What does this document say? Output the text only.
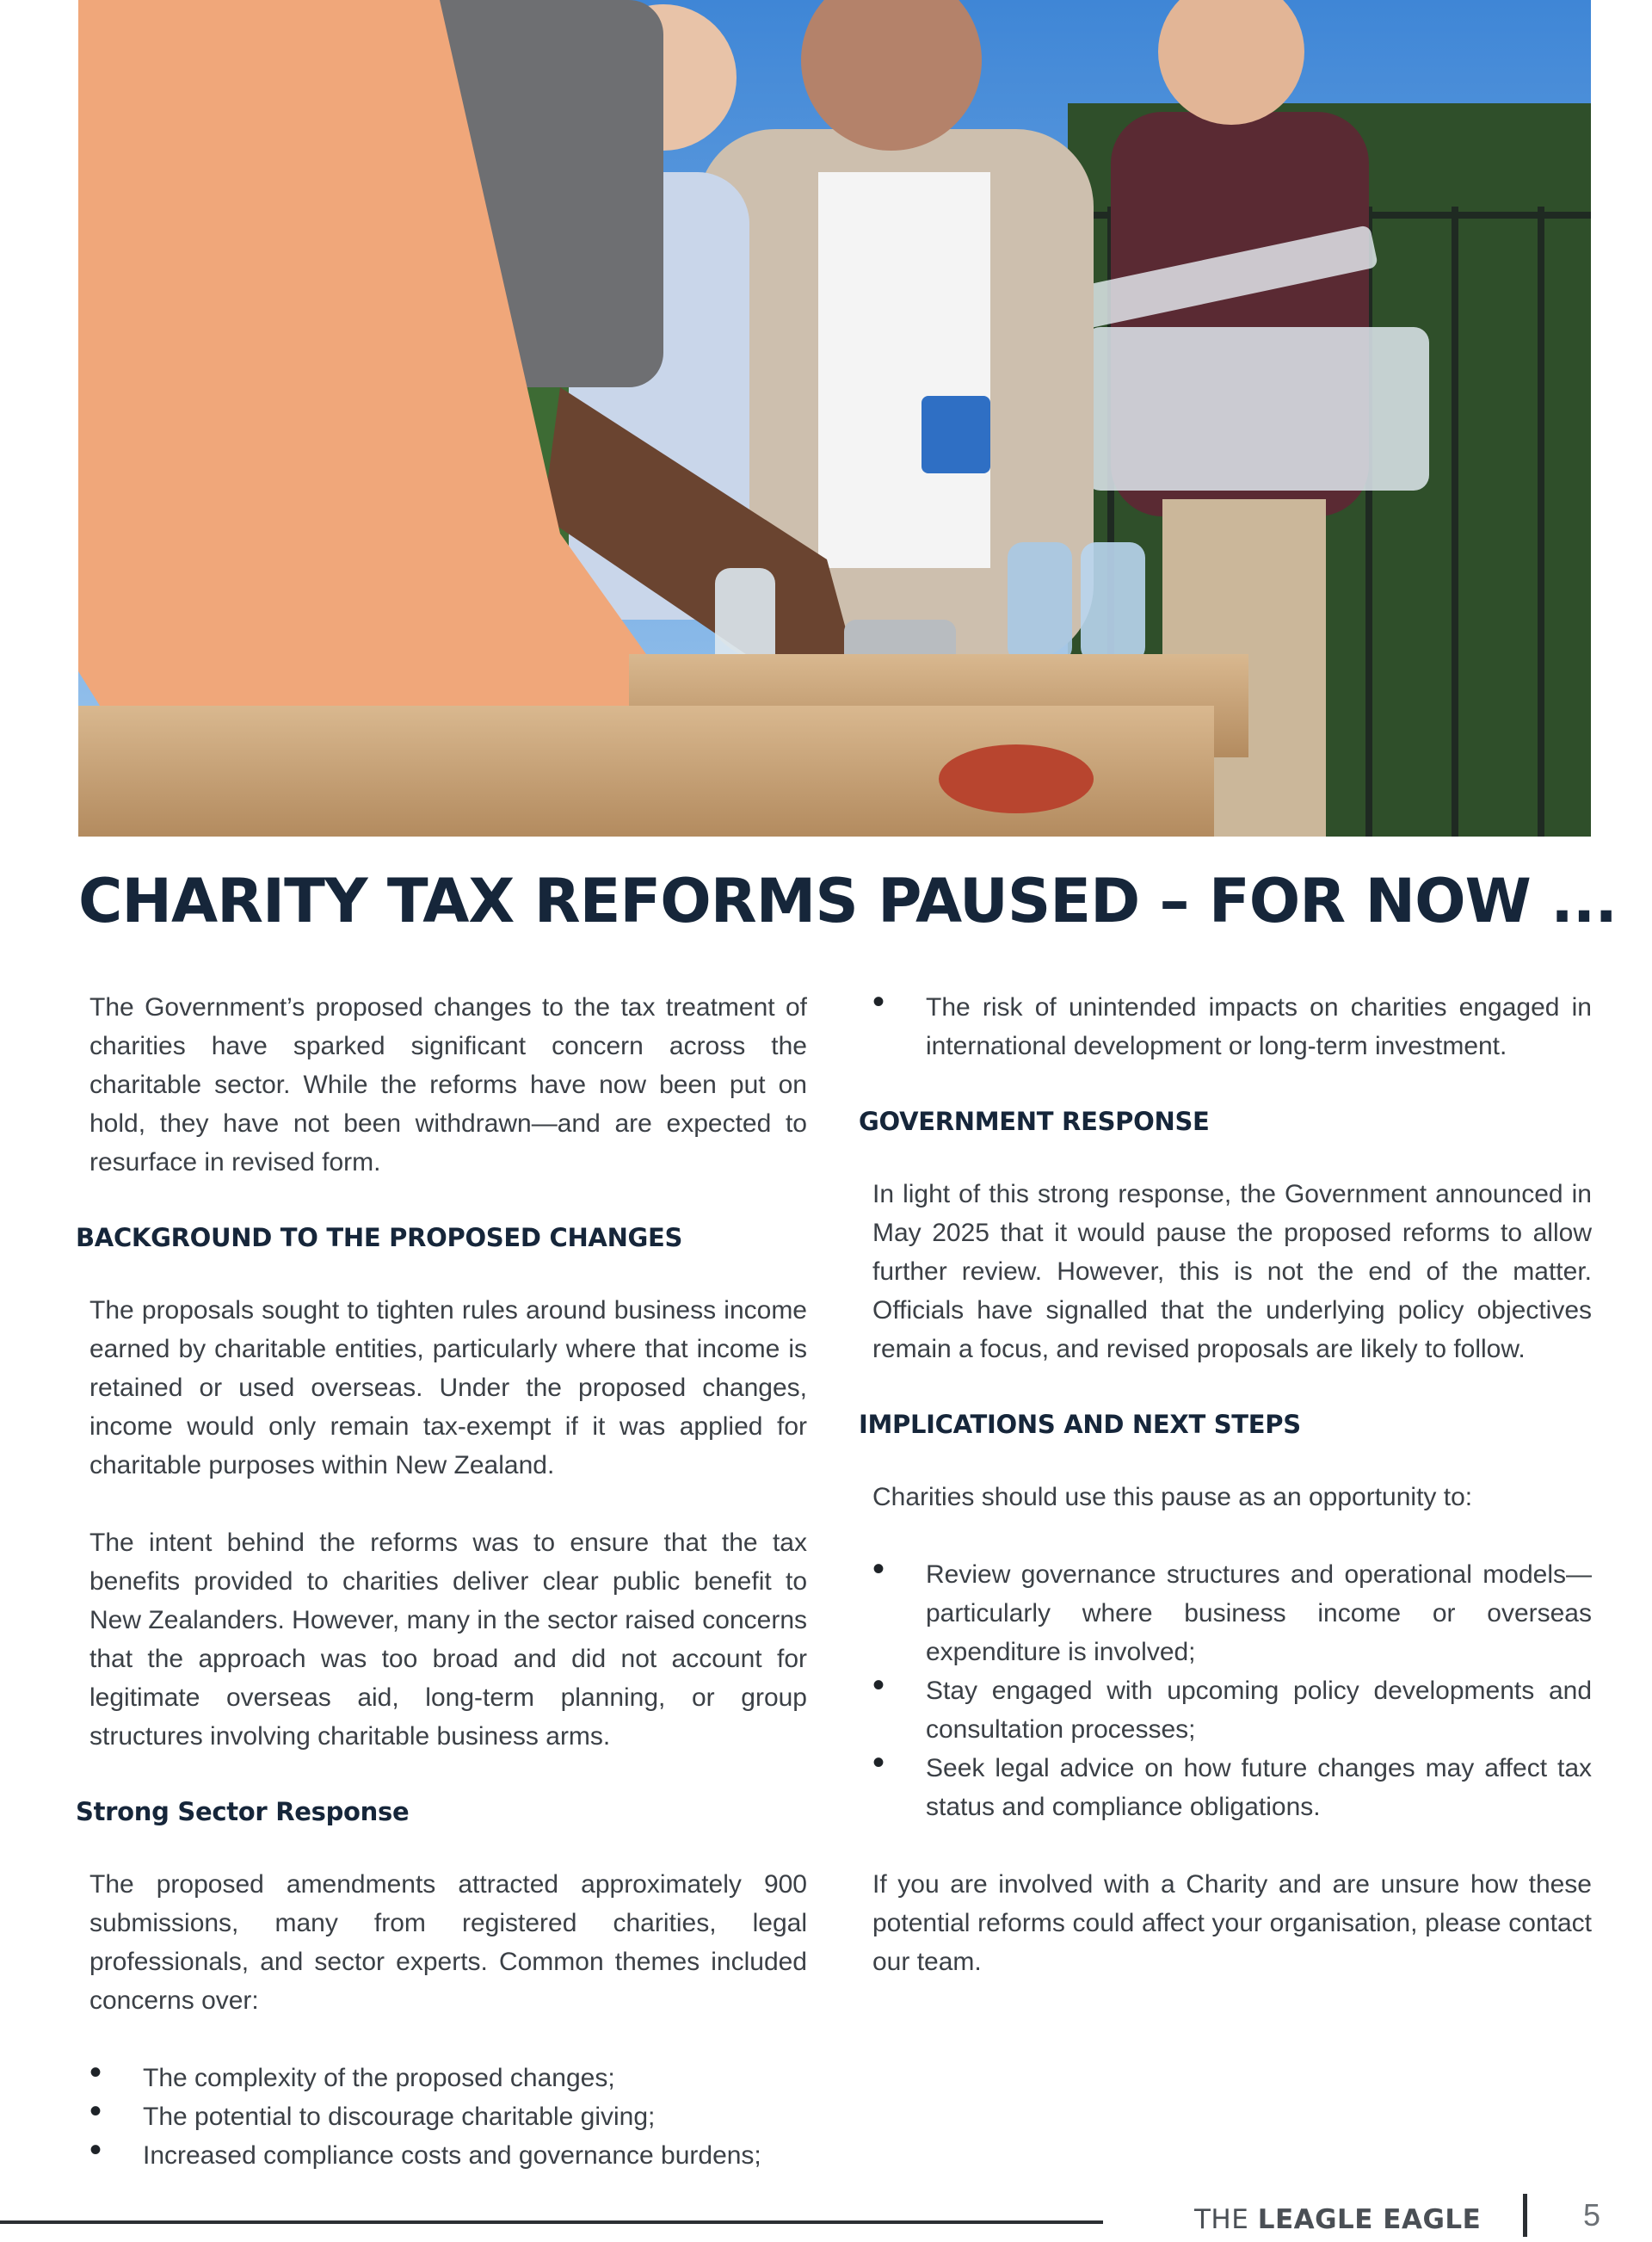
CHARITY TAX REFORMS PAUSED – FOR NOW ...

The Government’s proposed changes to the tax treatment of charities have sparked significant concern across the charitable sector. While the reforms have now been put on hold, they have not been withdrawn—and are expected to resurface in revised form.

BACKGROUND TO THE PROPOSED CHANGES

The proposals sought to tighten rules around business income earned by charitable entities, particularly where that income is retained or used overseas. Under the proposed changes, income would only remain tax-exempt if it was applied for charitable purposes within New Zealand.

The intent behind the reforms was to ensure that the tax benefits provided to charities deliver clear public benefit to New Zealanders. However, many in the sector raised concerns that the approach was too broad and did not account for legitimate overseas aid, long-term planning, or group structures involving charitable business arms.

Strong Sector Response

The proposed amendments attracted approximately 900 submissions, many from registered charities, legal professionals, and sector experts. Common themes included concerns over:

• The complexity of the proposed changes;
• The potential to discourage charitable giving;
• Increased compliance costs and governance burdens;
• The risk of unintended impacts on charities engaged in international development or long-term investment.
GOVERNMENT RESPONSE

In light of this strong response, the Government announced in May 2025 that it would pause the proposed reforms to allow further review. However, this is not the end of the matter. Officials have signalled that the underlying policy objectives remain a focus, and revised proposals are likely to follow.

IMPLICATIONS AND NEXT STEPS

Charities should use this pause as an opportunity to:

• Review governance structures and operational models—particularly where business income or overseas expenditure is involved;
• Stay engaged with upcoming policy developments and consultation processes;
• Seek legal advice on how future changes may affect tax status and compliance obligations.

If you are involved with a Charity and are unsure how these potential reforms could affect your organisation, please contact our team.

THE LEAGLE EAGLE	5
